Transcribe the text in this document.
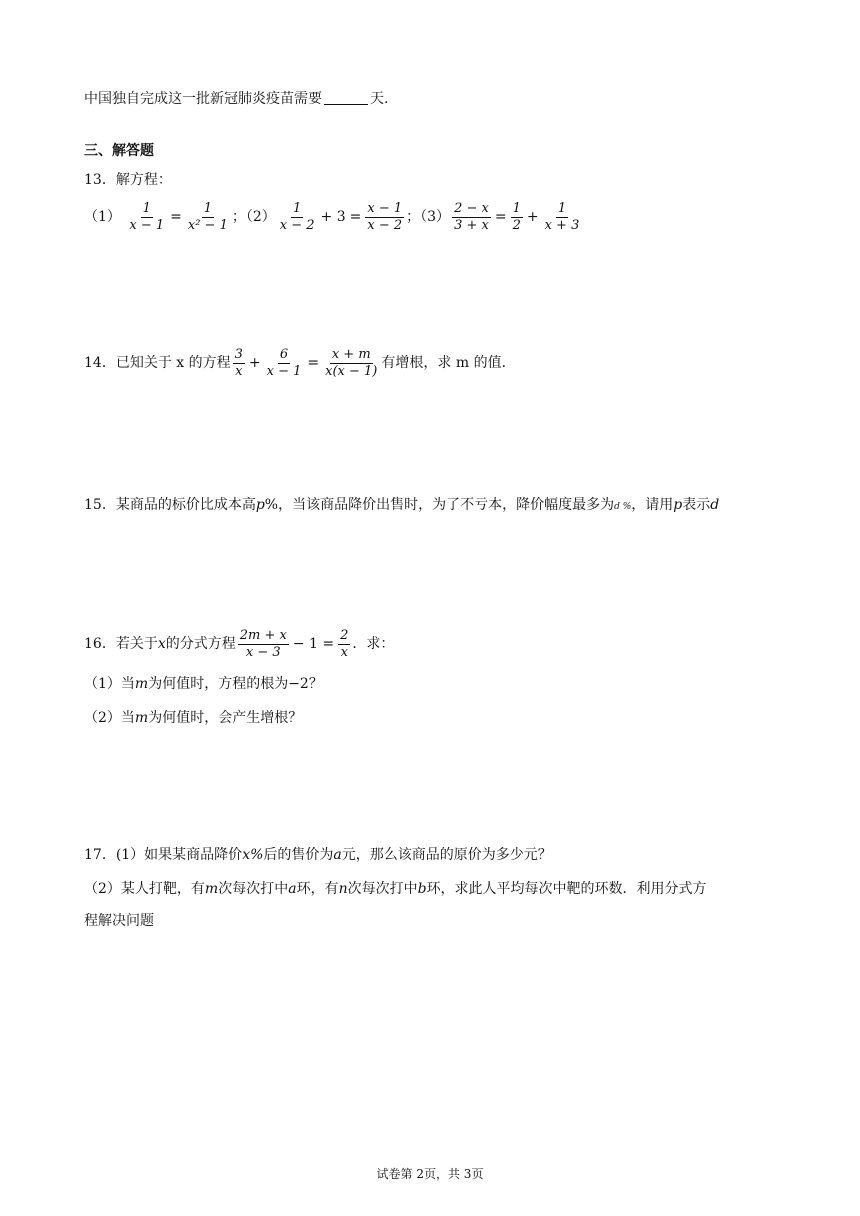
中国独自完成这一批新冠肺炎疫苗需要	天.
三、解答题
13．解方程：
$(1) \frac{1}{x - 1} = \frac{1}{\text{x² − 1}}$ ；$(2) \frac{1}{x - 2} + 3 = \frac{x - 1}{x - 2}$ ；$(3) \frac{2 - x}{3 + x} = \frac{1}{2} + \frac{1}{x + 3}$
14．已知关于 x 的方程 $\frac{3}{x} + \frac{6}{x - 1} = \frac{x + m}{x(x - 1)}$ 有增根，求 m 的值．
15．某商品的标价比成本高p%，当该商品降价出售时，为了不亏本，降价幅度最多为d %，请用p表示d
16．若关于x的分式方程 $\frac{2m + x}{x - 3} - 1 = \frac{2}{x}$ ．求：
（1）当m为何值时，方程的根为−2？
（2）当m为何值时，会产生增根？
17．(1）如果某商品降价x%后的售价为a元，那么该商品的原价为多少元？
（2）某人打靶，有m次每次打中a环，有n次每次打中b环，求此人平均每次中靶的环数．利用分式方
程解决问题
试卷第 2页，共 3页
